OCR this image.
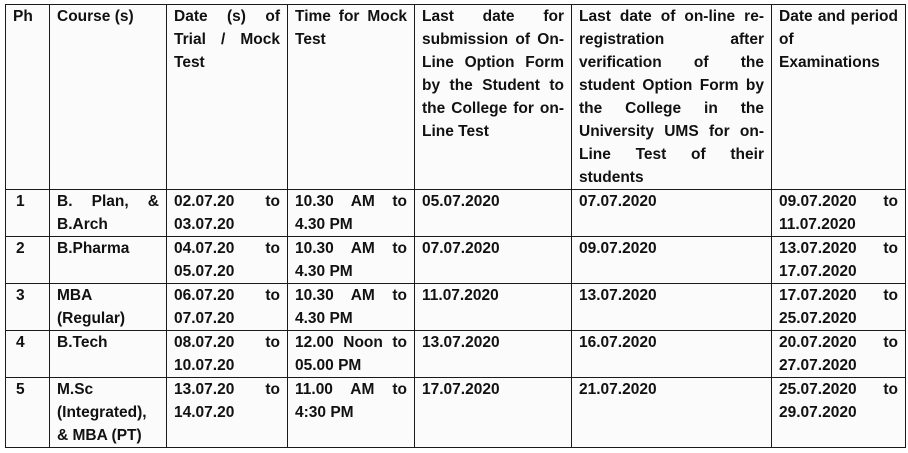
Ph	Course (s)	Date (s) of Trial / Mock Test	Time for Mock Test	Last date for submission of On-Line Option Form by the Student to the College for on-Line Test	Last date of on-line re-registration after verification of the student Option Form by the College in the University UMS for on-Line Test of their students	Date and period of Examinations
1	B. Plan, & B.Arch	02.07.20 to 03.07.20	10.30 AM to 4.30 PM	05.07.2020	07.07.2020	09.07.2020 to 11.07.2020
2	B.Pharma	04.07.20 to 05.07.20	10.30 AM to 4.30 PM	07.07.2020	09.07.2020	13.07.2020 to 17.07.2020
3	MBA (Regular)	06.07.20 to 07.07.20	10.30 AM to 4.30 PM	11.07.2020	13.07.2020	17.07.2020 to 25.07.2020
4	B.Tech	08.07.20 to 10.07.20	12.00 Noon to 05.00 PM	13.07.2020	16.07.2020	20.07.2020 to 27.07.2020
5	M.Sc (Integrated), & MBA (PT)	13.07.20 to 14.07.20	11.00 AM to 4:30 PM	17.07.2020	21.07.2020	25.07.2020 to 29.07.2020
